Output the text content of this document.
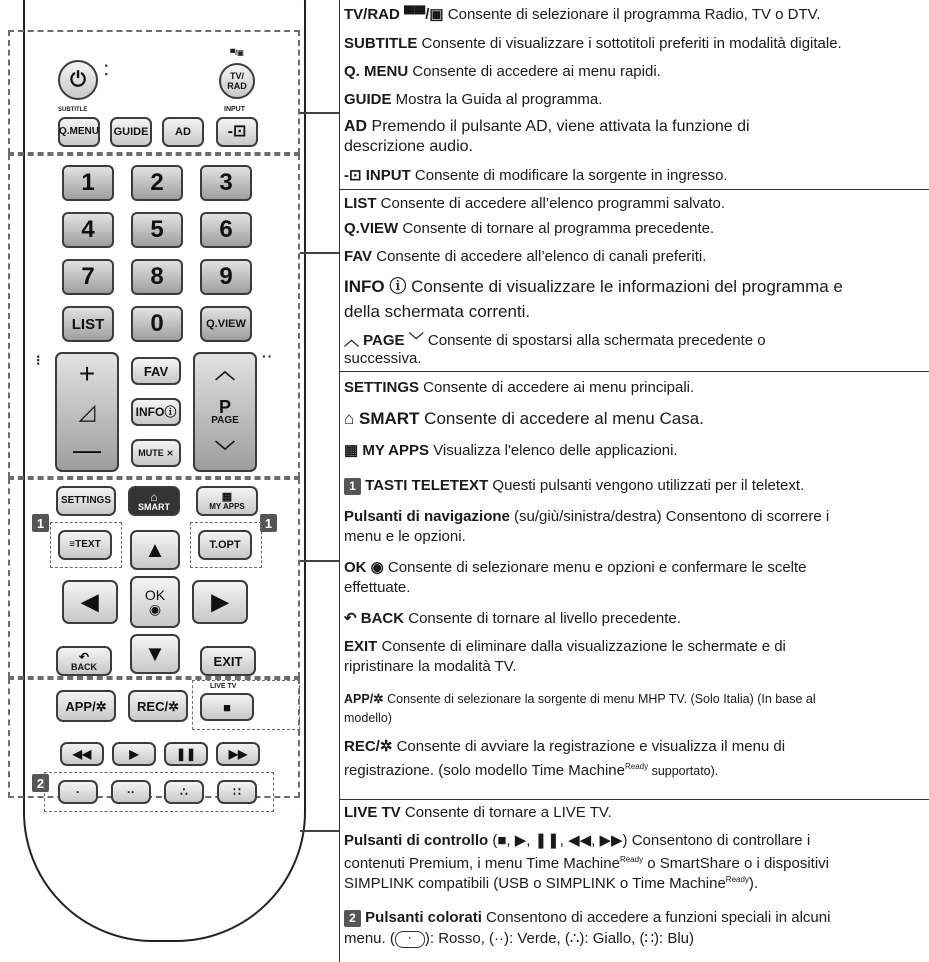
⏻ ⁚
▀/▣
TV/
RAD
SUBTITLE	INPUT
Q.MENU	GUIDE	AD	-⊡
1	2	3
4	5	6
7	8	9
LIST	0	Q.VIEW
⁝ +
◿
—
FAV
INFOⓘ
MUTE ⨯
︿
P
PAGE
﹀
··
SETTINGS	⌂
SMART
▦
MY APPS
1
≡TEXT
1
T.OPT
▲
◀	OK
◉ ▶
▼
↶
BACK	EXIT
APP/✲	REC/✲
LIVE TV
■
◀◀	▶	❚❚	▶▶
2
·	··	∴	∷
TV/RAD ▀▀/▣ Consente di selezionare il programma Radio, TV o DTV.
SUBTITLE Consente di visualizzare i sottotitoli preferiti in modalità digitale.
Q. MENU Consente di accedere ai menu rapidi.
GUIDE Mostra la Guida al programma.
AD Premendo il pulsante AD, viene attivata la funzione di
descrizione audio.
-⊡ INPUT Consente di modificare la sorgente in ingresso.
LIST Consente di accedere all’elenco programmi salvato.
Q.VIEW Consente di tornare al programma precedente.
FAV Consente di accedere all’elenco di canali preferiti.
INFO ⓘ Consente di visualizzare le informazioni del programma e
della schermata correnti.
︿ PAGE ﹀ Consente di spostarsi alla schermata precedente o
successiva.
SETTINGS Consente di accedere ai menu principali.
⌂ SMART Consente di accedere al menu Casa.
▦ MY APPS Visualizza l'elenco delle applicazioni.
1 TASTI TELETEXT Questi pulsanti vengono utilizzati per il teletext.
Pulsanti di navigazione (su/giù/sinistra/destra) Consentono di scorrere i
menu e le opzioni.
OK ◉ Consente di selezionare menu e opzioni e confermare le scelte
effettuate.
↶ BACK Consente di tornare al livello precedente.
EXIT Consente di eliminare dalla visualizzazione le schermate e di
ripristinare la modalità TV.
APP/✲ Consente di selezionare la sorgente di menu MHP TV. (Solo Italia) (In base al
modello)
REC/✲ Consente di avviare la registrazione e visualizza il menu di
registrazione. (solo modello Time Machine$^{Ready}$ supportato).
LIVE TV Consente di tornare a LIVE TV.
Pulsanti di controllo (■, ▶, ❚❚, ◀◀, ▶▶) Consentono di controllare i
contenuti Premium, i menu Time Machine$^{Ready}$ o SmartShare o i dispositivi
SIMPLINK compatibili (USB o SIMPLINK o Time Machine$^{Ready}$).
2 Pulsanti colorati Consentono di accedere a funzioni speciali in alcuni
menu. ( · ): Rosso, (··): Verde, (∴): Giallo, (∷): Blu)
